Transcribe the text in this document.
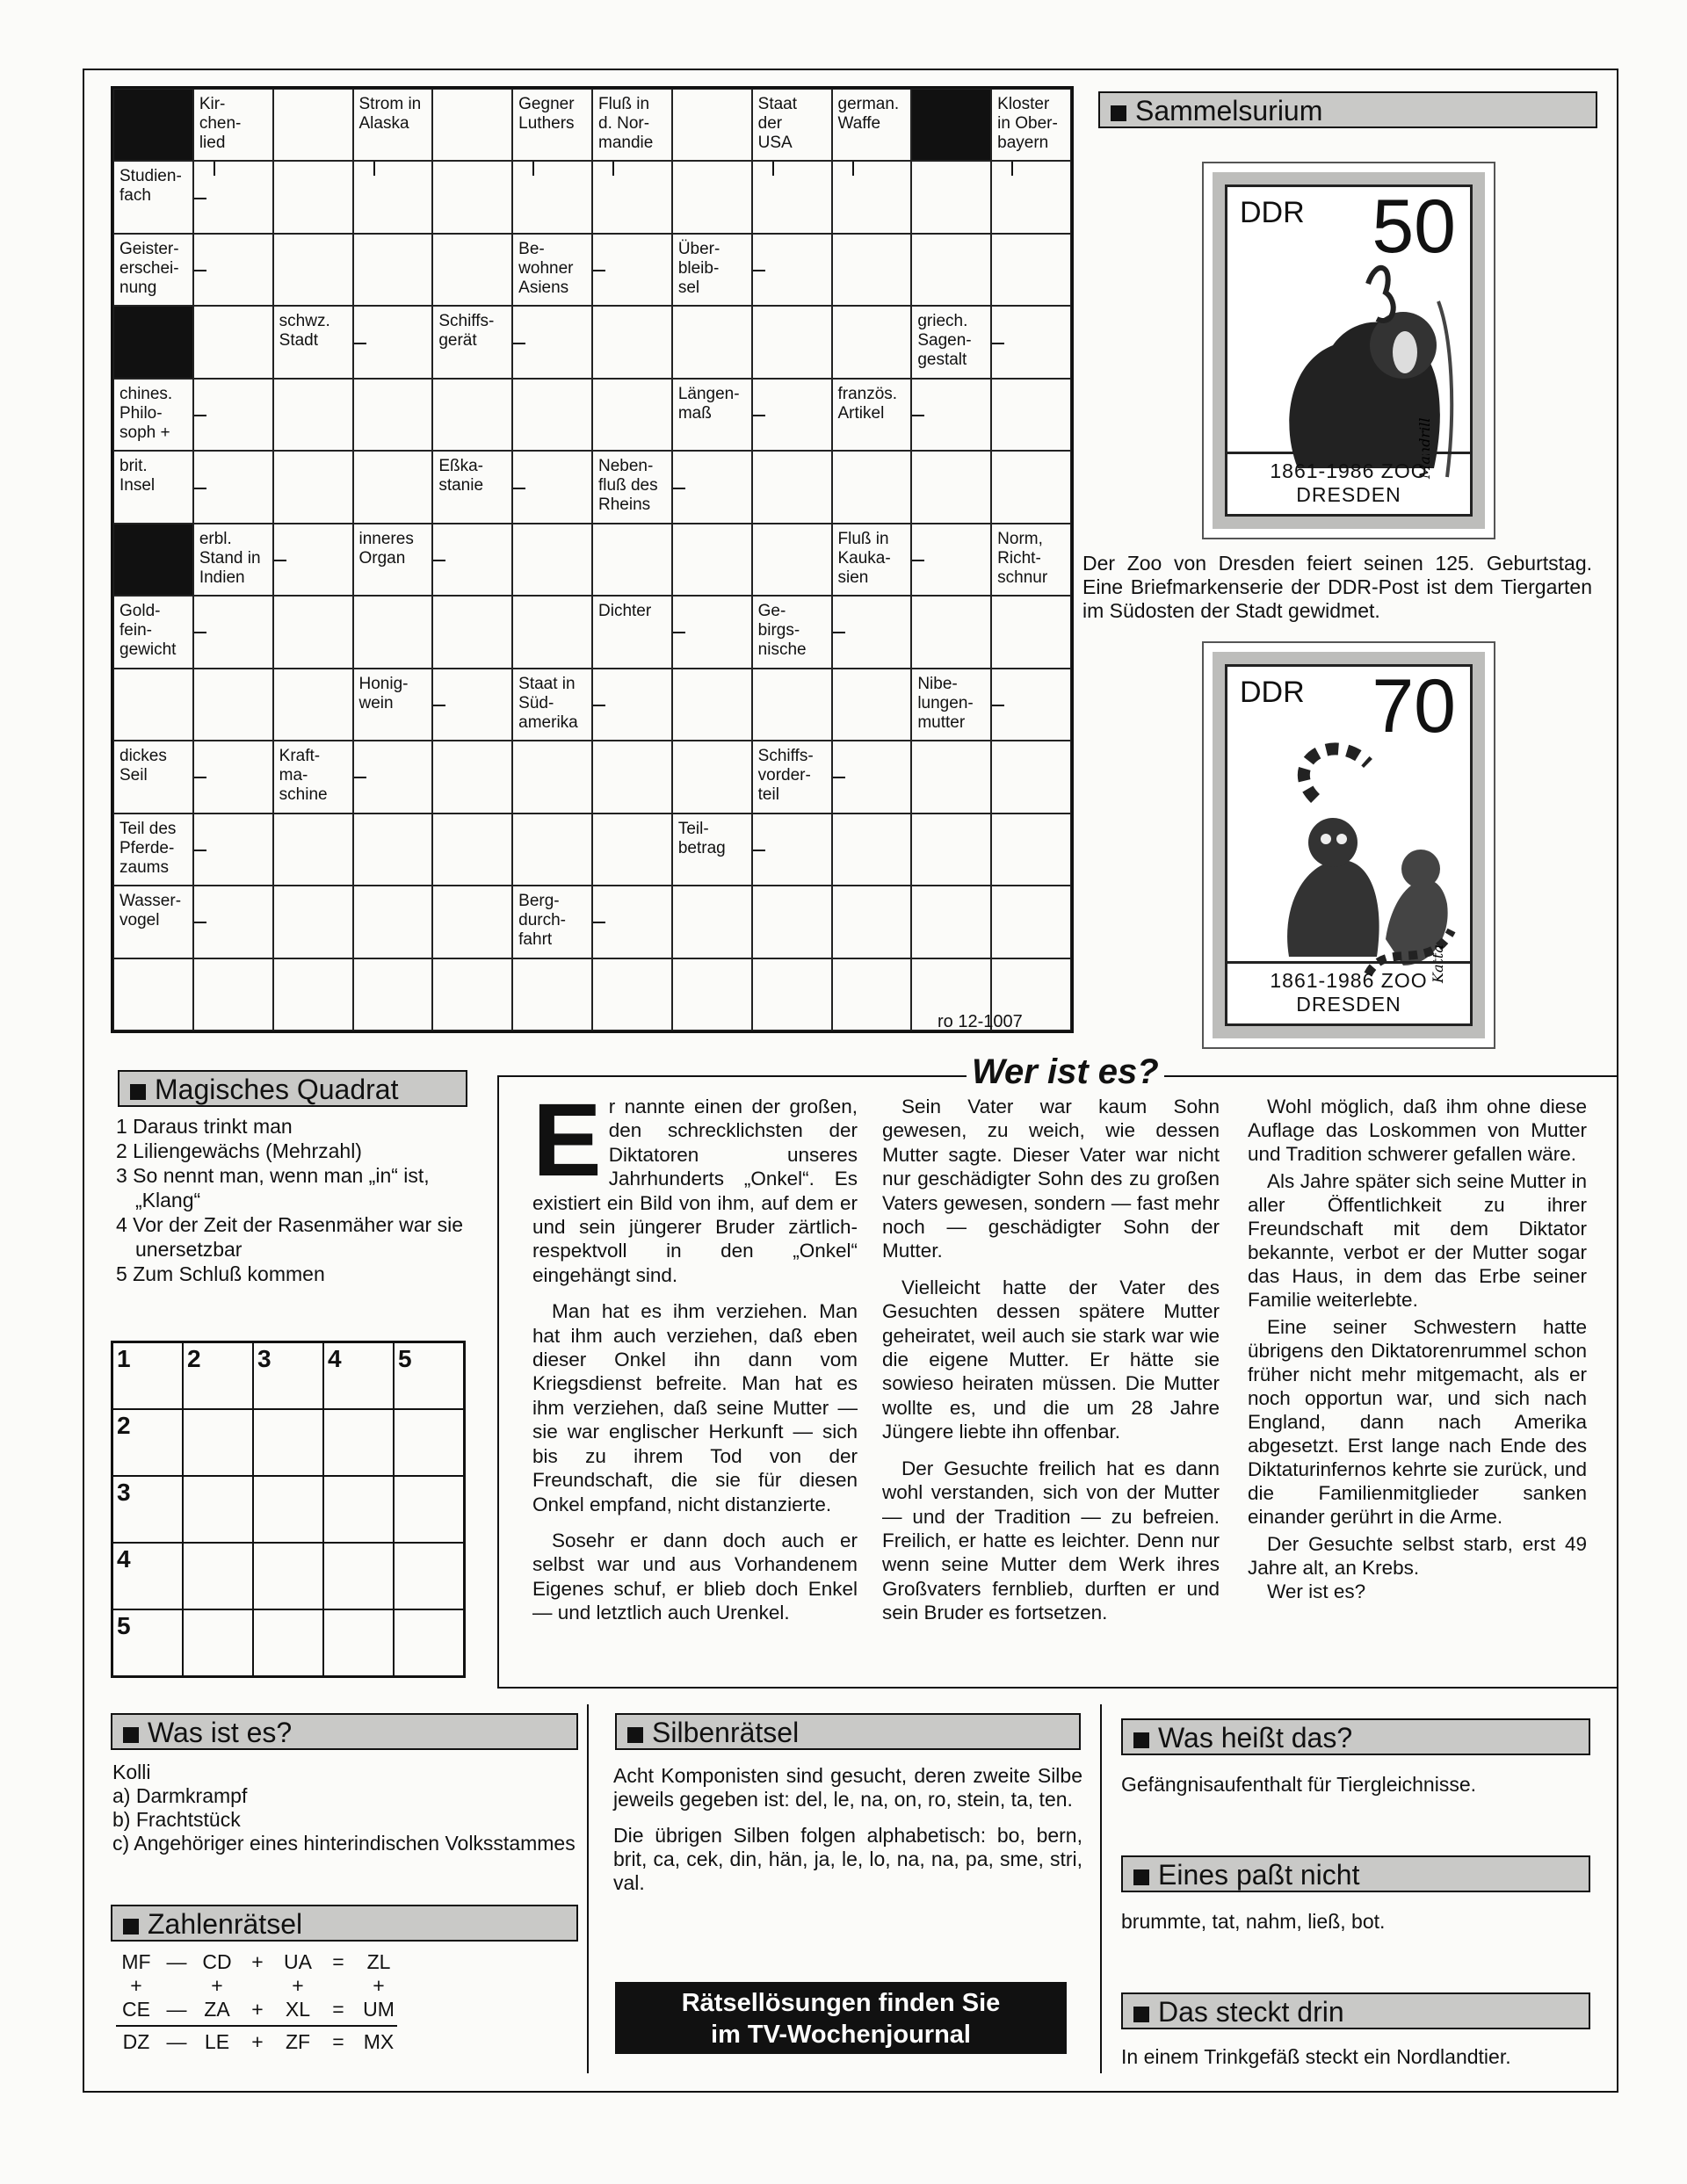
Kir-
chen-
lied
Strom in
Alaska
Gegner
Luthers
Fluß in
d. Nor-
mandie
Staat
der
USA
german.
Waffe
Kloster
in Ober-
bayern
Studien-
fach
Geister-
erschei-
nung
Be-
wohner
Asiens
Über-
bleib-
sel
schwz.
Stadt
Schiffs-
gerät
griech.
Sagen-
gestalt
chines.
Philo-
soph +
Längen-
maß
französ.
Artikel
brit.
Insel
Eßka-
stanie
Neben-
fluß des
Rheins
erbl.
Stand in
Indien
inneres
Organ
Fluß in
Kauka-
sien
Norm,
Richt-
schnur
Gold-
fein-
gewicht
Dichter	Ge-
birgs-
nische
Honig-
wein
Staat in
Süd-
amerika
Nibe-
lungen-
mutter
dickes
Seil
Kraft-
ma-
schine
Schiffs-
vorder-
teil
Teil des
Pferde-
zaums
Teil-
betrag
Wasser-
vogel
Berg-
durch-
fahrt
ro 12-1007
Sammelsurium
DDR 50
Mandrill
1861-1986 ZOO DRESDEN
Der Zoo von Dresden feiert seinen 125. Geburtstag. Eine Briefmarkenserie der DDR-Post ist dem Tiergarten im Südosten der Stadt gewidmet.
DDR 70
Katta
1861-1986 ZOO DRESDEN
Magisches Quadrat
1 Daraus trinkt man
2 Liliengewächs (Mehrzahl)
3 So nennt man, wenn man „in“ ist, „Klang“
4 Vor der Zeit der Rasenmäher war sie unersetzbar
5 Zum Schluß kommen
1	2	3	4	5
2
3
4
5
Wer ist es?

Er nannte einen der großen, den schrecklichsten der Diktatoren unseres Jahrhunderts „Onkel“. Es existiert ein Bild von ihm, auf dem er und sein jüngerer Bruder zärtlich-respektvoll in den „Onkel“ eingehängt sind.

Man hat es ihm verziehen. Man hat ihm auch verziehen, daß eben dieser Onkel ihn dann vom Kriegsdienst befreite. Man hat es ihm verziehen, daß seine Mutter — sie war englischer Herkunft — sich bis zu ihrem Tod von der Freundschaft, die sie für diesen Onkel empfand, nicht distanzierte.

Sosehr er dann doch auch er selbst war und aus Vorhandenem Eigenes schuf, er blieb doch Enkel — und letztlich auch Urenkel.

Sein Vater war kaum Sohn gewesen, zu weich, wie dessen Mutter sagte. Dieser Vater war nicht nur geschädigter Sohn des zu großen Vaters gewesen, sondern — fast mehr noch — geschädigter Sohn der Mutter.

Vielleicht hatte der Vater des Gesuchten dessen spätere Mutter geheiratet, weil auch sie stark war wie die eigene Mutter. Er hätte sie sowieso heiraten müssen. Die Mutter wollte es, und die um 28 Jahre Jüngere liebte ihn offenbar.

Der Gesuchte freilich hat es dann wohl verstanden, sich von der Mutter — und der Tradition — zu befreien. Freilich, er hatte es leichter. Denn nur wenn seine Mutter dem Werk ihres Großvaters fernblieb, durften er und sein Bruder es fortsetzen.

Wohl möglich, daß ihm ohne diese Auflage das Loskommen von Mutter und Tradition schwerer gefallen wäre.

Als Jahre später sich seine Mutter in aller Öffentlichkeit zu ihrer Freundschaft mit dem Diktator bekannte, verbot er der Mutter sogar das Haus, in dem das Erbe seiner Familie weiterlebte.

Eine seiner Schwestern hatte übrigens den Diktatorenrummel schon früher nicht mehr mitgemacht, als er noch opportun war, und sich nach England, dann nach Amerika abgesetzt. Erst lange nach Ende des Diktaturinfernos kehrte sie zurück, und die Familienmitglieder sanken einander gerührt in die Arme.

Der Gesuchte selbst starb, erst 49 Jahre alt, an Krebs.

Wer ist es?

Was ist es?
Kolli
a) Darmkrampf
b) Frachtstück
c) Angehöriger eines hinterindischen Volksstammes
Zahlenrätsel
MF — CD +	UA	=	ZL
+	+	+	+
CE — ZA	+	XL	= UM
DZ — LE	+	ZF	= MX
Silbenrätsel
Acht Komponisten sind gesucht, deren zweite Silbe jeweils gegeben ist: del, le, na, on, ro, stein, ta, ten.
Die übrigen Silben folgen alphabetisch: bo, bern, brit, ca, cek, din, hän, ja, le, lo, na, na, pa, sme, stri, val.
Rätsellösungen finden Sie
im TV-Wochenjournal
Was heißt das?
Gefängnisaufenthalt für Tiergleichnisse.
Eines paßt nicht
brummte, tat, nahm, ließ, bot.
Das steckt drin
In einem Trinkgefäß steckt ein Nordlandtier.
